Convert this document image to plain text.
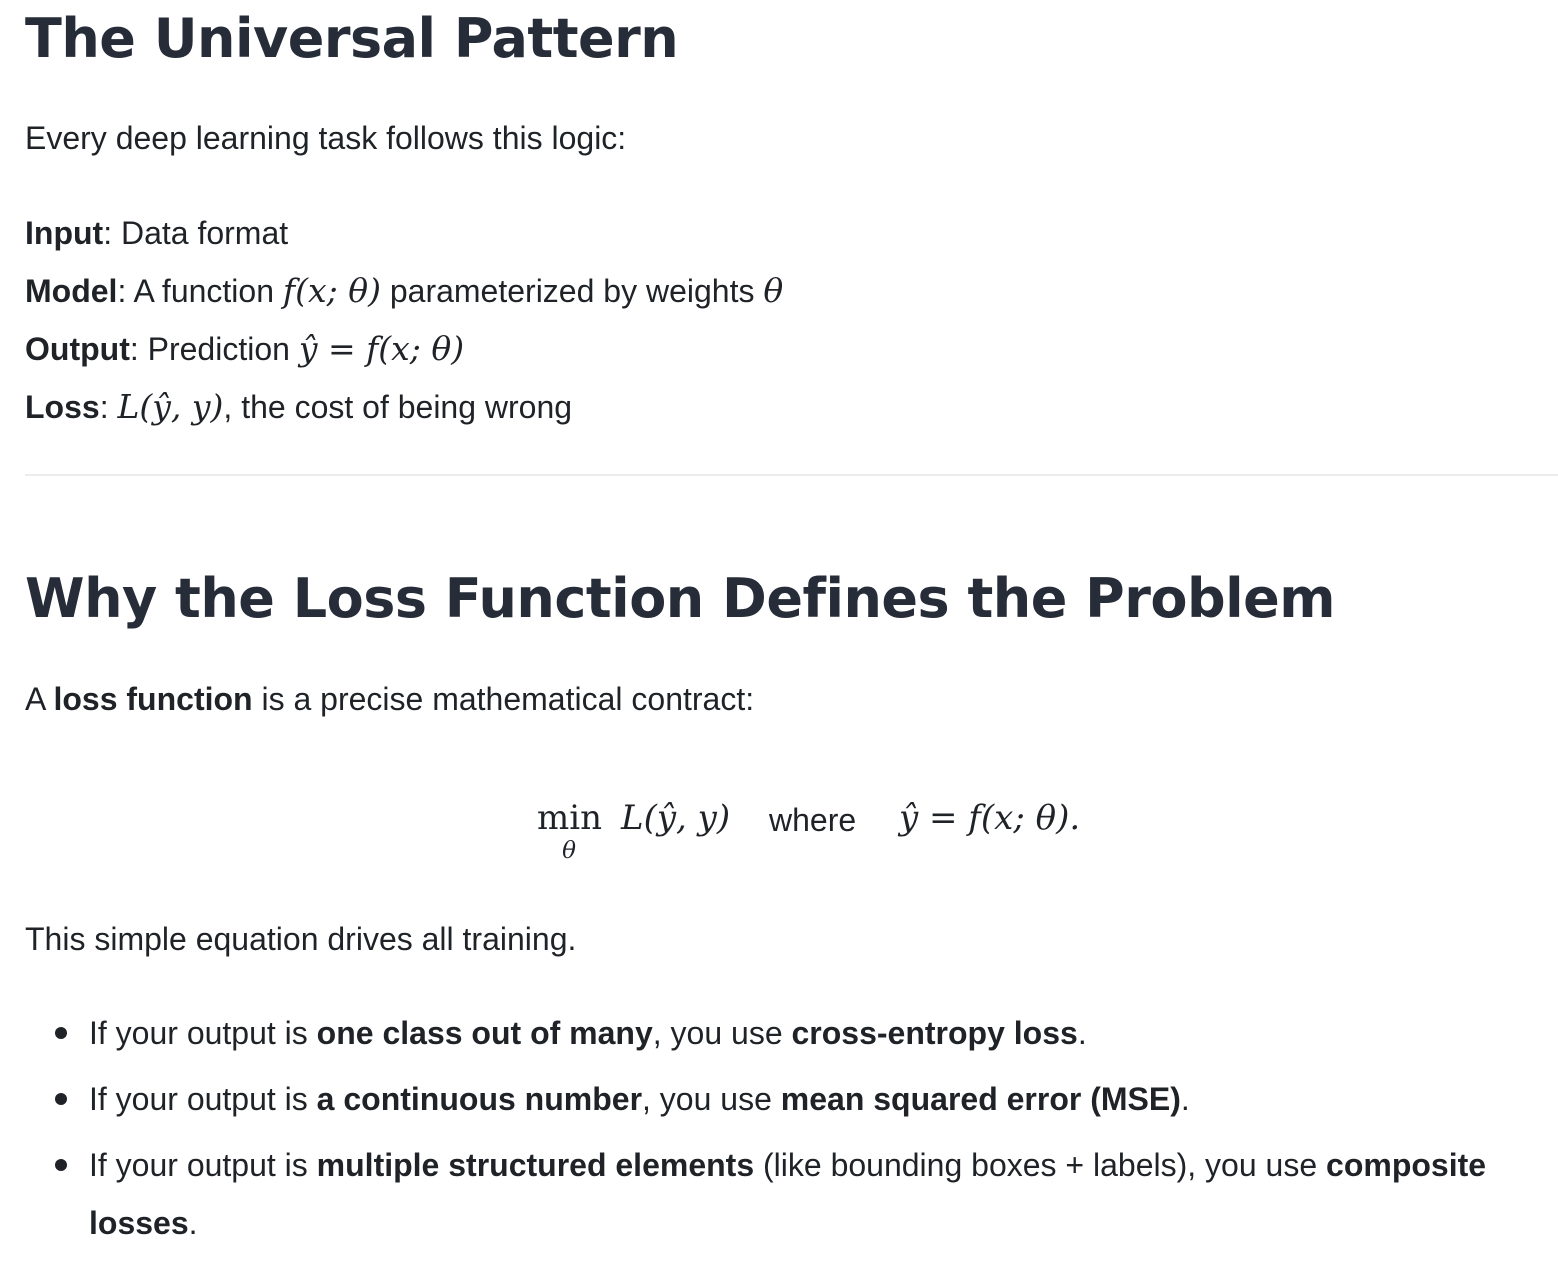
The Universal Pattern

Every deep learning task follows this logic:

Input: Data format

Model: A function f(x; θ) parameterized by weights θ

Output: Prediction ŷ = f(x; θ)

Loss: L(ŷ, y), the cost of being wrong

Why the Loss Function Defines the Problem

A loss function is a precise mathematical contract:

min
θ
L(ŷ, y) where ŷ = f(x; θ).

This simple equation drives all training.

If your output is one class out of many, you use cross-entropy loss.
If your output is a continuous number, you use mean squared error (MSE).
If your output is multiple structured elements (like bounding boxes + labels), you use composite losses.
